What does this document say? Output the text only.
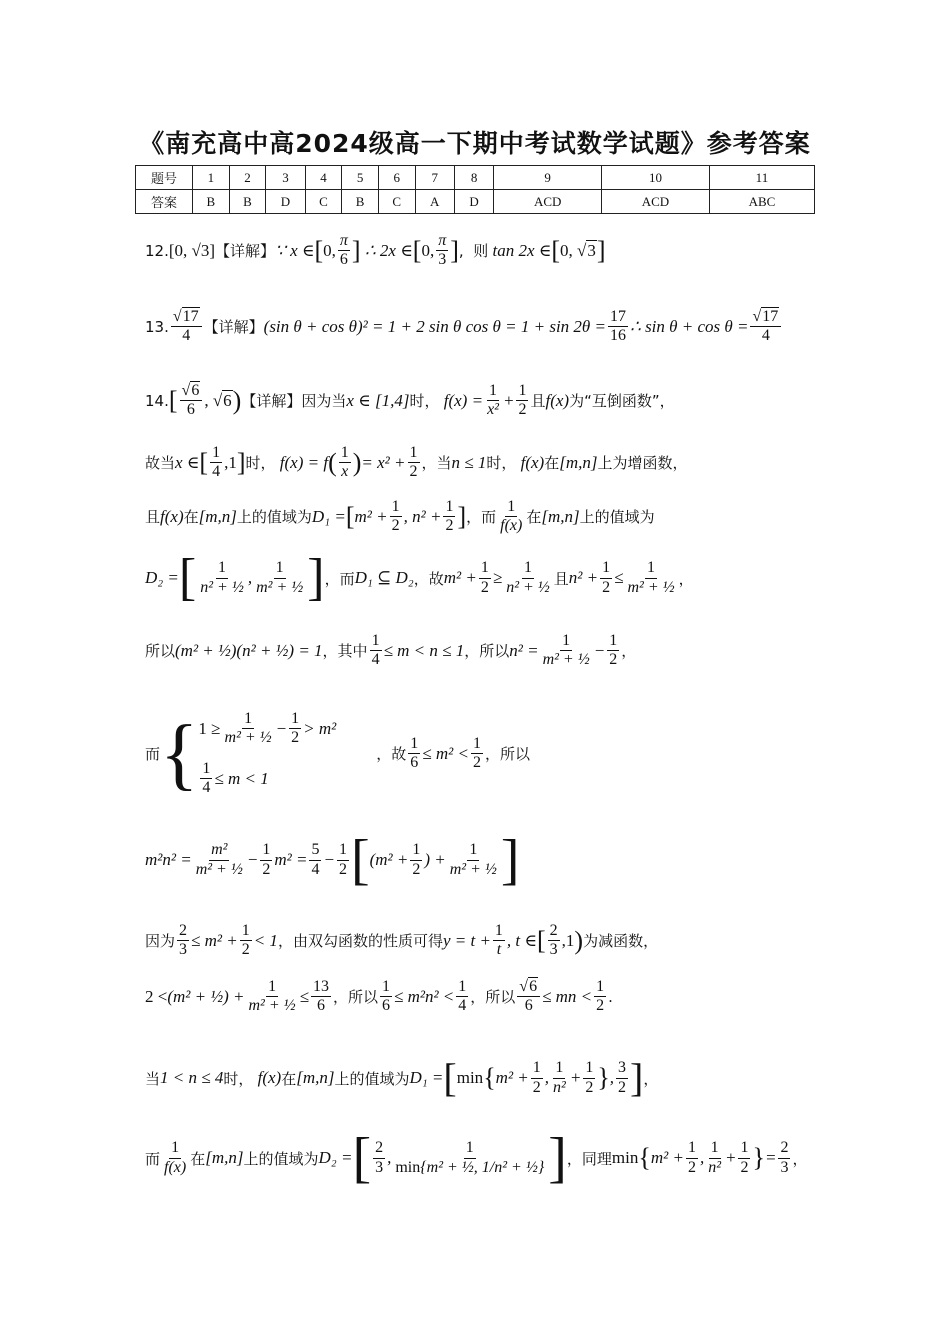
《南充高中高2024级高一下期中考试数学试题》参考答案
题号	1	2	3	4	5	6	7	8	9	10	11
答案	B	B	D	C	B	C	A	D	ACD	ACD	ABC
12. [0, √3] 【详解】 ∵ x ∈ [ 0, $\frac{\pi}{6}$ ] ∴ 2x ∈ [ 0, $\frac{\pi}{3}$ ] , 则 tan 2x ∈ [ 0, √3 ]
13. $\frac{√17}{4}$ 【详解】 (sin θ + cos θ)² = 1 + 2 sin θ $\cos \theta = 1 + \sin 2\theta = \frac{17}{16}$ ∴ $\sin \theta + \cos \theta = \frac{√17}{4}$
14. [ $\frac{√6}{6}$ , √6 ) 【详解】 因为当 x ∈ [1,4] 时， $f(x) = \frac{1}{\text{x²}} + \frac{1}{2}$ 且 f(x) 为“互倒函数”，
故当 x ∈ [ $\frac{1}{4} ,1$ ] 时， f(x) = f ( $\frac{1}{x}$ ) = $x^2 + \frac{1}{2}$ ，当 n ≤ 1 时， f(x) 在 [m,n] 上为增函数，
且 f(x) 在 [m,n] 上的值域为 D₁ = [ $m^2 + \frac{1}{2}$ , $n^2 + \frac{1}{2}$ ] ，而 $\frac{1}{f(x)}$ 在 [m,n] 上的值域为
D₂ = [ $\frac{1}{\text{n² + ½}}$ , $\frac{1}{\text{m² + ½}}$ ] ，而 D₁ ⊆ D₂ ，故 $m^2 + \frac{1}{2} \ge \frac{1}{\text{n² + ½}}$ 且 $n^2 + \frac{1}{2} \le \frac{1}{\text{m² + ½}}$ ，
所以 (m² + ½)(n² + ½) = 1 ，其中 $\frac{1}{4} \le m < n \le 1$ ，所以 $n^2 = \frac{1}{\text{m² + ½}} - \frac{1}{2}$ ，
而 { $1 \ge \frac{1}{\text{m² + ½}} - \frac{1}{2} > m^2$
$\frac{1}{4} \le m < 1$
，故 $\frac{1}{6} \le m^2 < \frac{1}{2}$ ，所以
$m^2n^2 = \frac{\text{m²}}{\text{m² + ½}} - \frac{1}{2} m^2 = \frac{5}{4} - \frac{1}{2}$ [ ($m^2 + \frac{1}{2}$ ) + $\frac{1}{\text{m² + ½}}$ ]
因为 $\frac{2}{3} \le m^2 + \frac{1}{2} < 1$ ，由双勾函数的性质可得 $y = t + \frac{1}{t}$ , t ∈ [ $\frac{2}{3} ,1$ ) 为减函数，
2 < (m² + ½) + $\frac{1}{\text{m² + ½}} \le \frac{13}{6}$ ，所以 $\frac{1}{6} \le m^2n^2 < \frac{1}{4}$ ，所以 $\frac{√6}{6}$ ≤ mn < $\frac{1}{2}$ .
当 1 < n ≤ 4 时， f(x) 在 [m,n] 上的值域为 D₁ = [ min { $m^2 + \frac{1}{2}$ , $\frac{1}{\text{n²}} + \frac{1}{2}$ } , $\frac{3}{2}$ ] ，
而 $\frac{1}{f(x)}$ 在 [m,n] 上的值域为 D₂ = [ $\frac{2}{3}$ , $\frac{1}{\text{min\{m² + ½, 1/n² + ½\}}}$ ] ，同理 min { $m^2 + \frac{1}{2}$ , $\frac{1}{\text{n²}} + \frac{1}{2}$ } = $\frac{2}{3}$ ，
